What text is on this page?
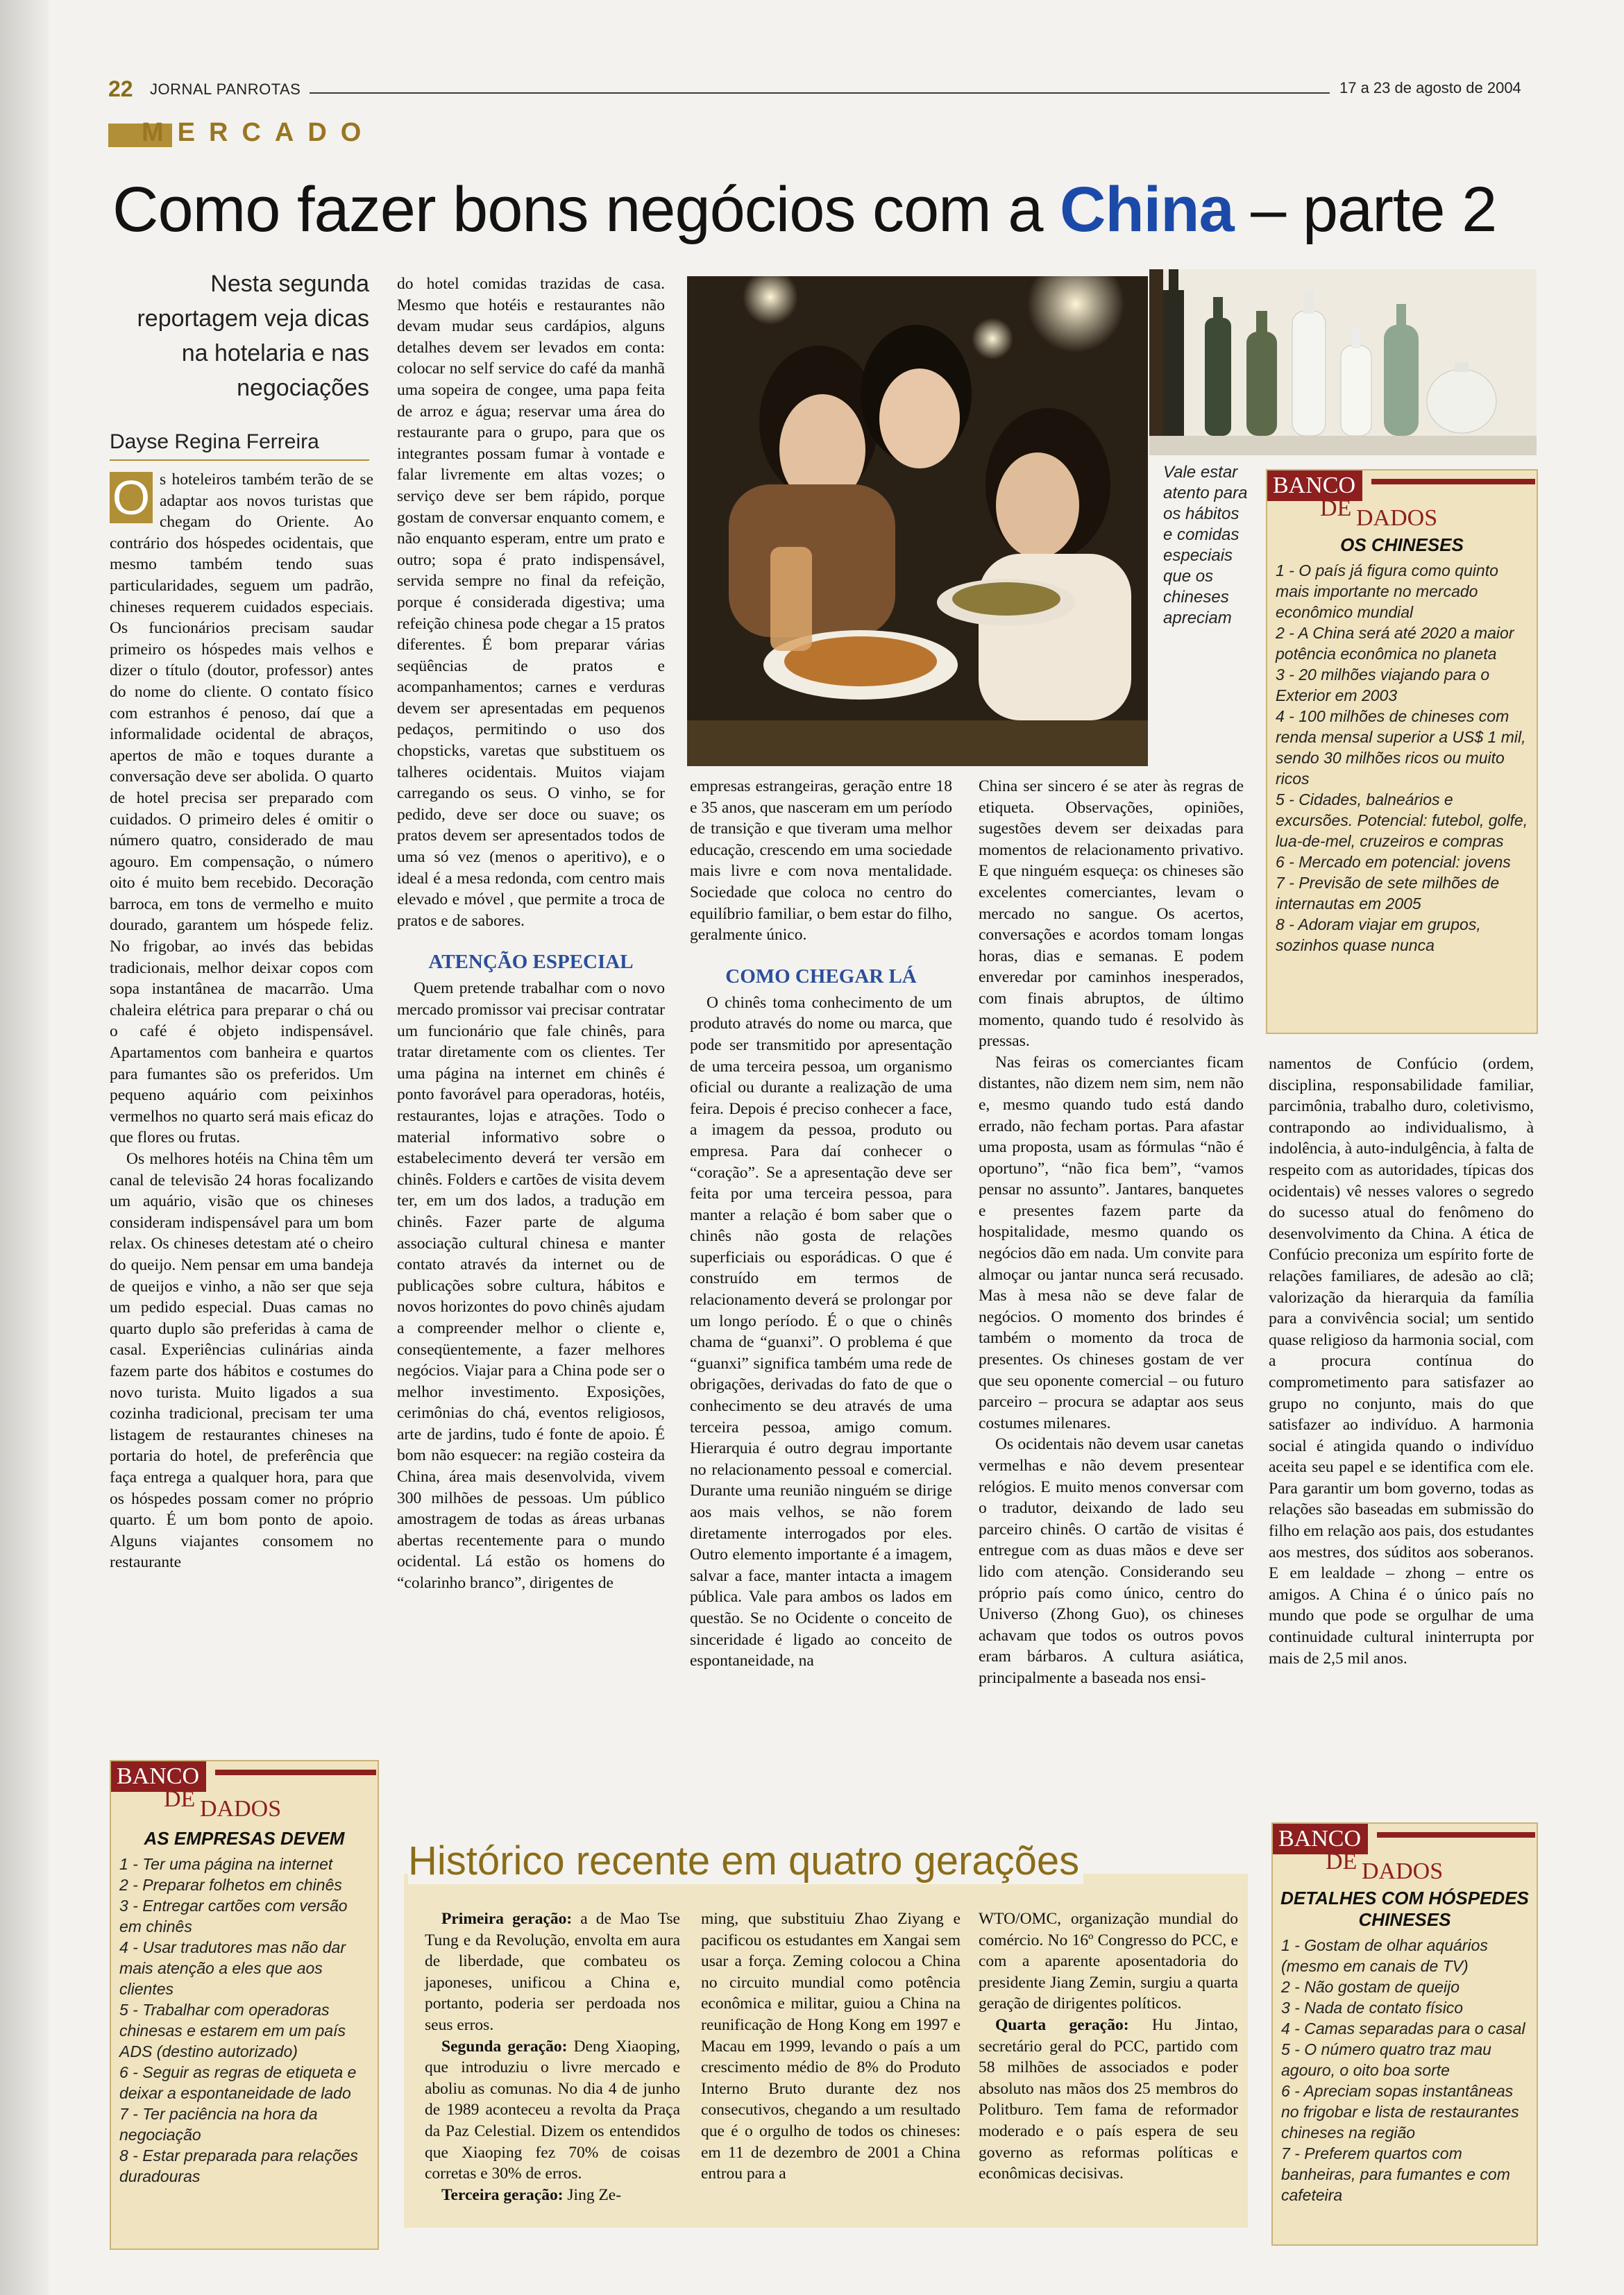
22 JORNAL PANROTAS	17 a 23 de agosto de 2004
MERCADO
Como fazer bons negócios com a China – parte 2
Nesta segunda reportagem veja dicas na hotelaria e nas negociações
Dayse Regina Ferreira
O s hoteleiros também terão de se adaptar aos novos turistas que chegam do Oriente. Ao contrário dos hóspedes ocidentais, que mesmo também tendo suas particularidades, seguem um padrão, chineses requerem cuidados especiais. Os funcionários precisam saudar primeiro os hóspedes mais velhos e dizer o título (doutor, professor) antes do nome do cliente. O contato físico com estranhos é penoso, daí que a informalidade ocidental de abraços, apertos de mão e toques durante a conversação deve ser abolida. O quarto de hotel precisa ser preparado com cuidados. O primeiro deles é omitir o número quatro, considerado de mau agouro. Em compensação, o número oito é muito bem recebido. Decoração barroca, em tons de vermelho e muito dourado, garantem um hóspede feliz. No frigobar, ao invés das bebidas tradicionais, melhor deixar copos com sopa instantânea de macarrão. Uma chaleira elétrica para preparar o chá ou o café é objeto indispensável. Apartamentos com banheira e quartos para fumantes são os preferidos. Um pequeno aquário com peixinhos vermelhos no quarto será mais eficaz do que flores ou frutas.

Os melhores hotéis na China têm um canal de televisão 24 horas focalizando um aquário, visão que os chineses consideram indispensável para um bom relax. Os chineses detestam até o cheiro do queijo. Nem pensar em uma bandeja de queijos e vinho, a não ser que seja um pedido especial. Duas camas no quarto duplo são preferidas à cama de casal. Experiências culinárias ainda fazem parte dos hábitos e costumes do novo turista. Muito ligados a sua cozinha tradicional, precisam ter uma listagem de restaurantes chineses na portaria do hotel, de preferência que faça entrega a qualquer hora, para que os hóspedes possam comer no próprio quarto. É um bom ponto de apoio. Alguns viajantes consomem no restaurante

do hotel comidas trazidas de casa. Mesmo que hotéis e restaurantes não devam mudar seus cardápios, alguns detalhes devem ser levados em conta: colocar no self service do café da manhã uma sopeira de congee, uma papa feita de arroz e água; reservar uma área do restaurante para o grupo, para que os integrantes possam fumar à vontade e falar livremente em altas vozes; o serviço deve ser bem rápido, porque gostam de conversar enquanto comem, e não enquanto esperam, entre um prato e outro; sopa é prato indispensável, servida sempre no final da refeição, porque é considerada digestiva; uma refeição chinesa pode chegar a 15 pratos diferentes. É bom preparar várias seqüências de pratos e acompanhamentos; carnes e verduras devem ser apresentadas em pequenos pedaços, permitindo o uso dos chopsticks, varetas que substituem os talheres ocidentais. Muitos viajam carregando os seus. O vinho, se for pedido, deve ser doce ou suave; os pratos devem ser apresentados todos de uma só vez (menos o aperitivo), e o ideal é a mesa redonda, com centro mais elevado e móvel , que permite a troca de pratos e de sabores.

ATENÇÃO ESPECIAL

Quem pretende trabalhar com o novo mercado promissor vai precisar contratar um funcionário que fale chinês, para tratar diretamente com os clientes. Ter uma página na internet em chinês é ponto favorável para operadoras, hotéis, restaurantes, lojas e atrações. Todo o material informativo sobre o estabelecimento deverá ter versão em chinês. Folders e cartões de visita devem ter, em um dos lados, a tradução em chinês. Fazer parte de alguma associação cultural chinesa e manter contato através da internet ou de publicações sobre cultura, hábitos e novos horizontes do povo chinês ajudam a compreender melhor o cliente e, conseqüentemente, a fazer melhores negócios. Viajar para a China pode ser o melhor investimento. Exposições, cerimônias do chá, eventos religiosos, arte de jardins, tudo é fonte de apoio. É bom não esquecer: na região costeira da China, área mais desenvolvida, vivem 300 milhões de pessoas. Um público amostragem de todas as áreas urbanas abertas recentemente para o mundo ocidental. Lá estão os homens do “colarinho branco”, dirigentes de

Vale estar atento para os hábitos e comidas especiais que os chineses apreciam

empresas estrangeiras, geração entre 18 e 35 anos, que nasceram em um período de transição e que tiveram uma melhor educação, crescendo em uma sociedade mais livre e com nova mentalidade. Sociedade que coloca no centro do equilíbrio familiar, o bem estar do filho, geralmente único.

COMO CHEGAR LÁ

O chinês toma conhecimento de um produto através do nome ou marca, que pode ser transmitido por apresentação de uma terceira pessoa, um organismo oficial ou durante a realização de uma feira. Depois é preciso conhecer a face, a imagem da pessoa, produto ou empresa. Para daí conhecer o “coração”. Se a apresentação deve ser feita por uma terceira pessoa, para manter a relação é bom saber que o chinês não gosta de relações superficiais ou esporádicas. O que é construído em termos de relacionamento deverá se prolongar por um longo período. É o que o chinês chama de “guanxi”. O problema é que “guanxi” significa também uma rede de obrigações, derivadas do fato de que o conhecimento se deu através de uma terceira pessoa, amigo comum. Hierarquia é outro degrau importante no relacionamento pessoal e comercial. Durante uma reunião ninguém se dirige aos mais velhos, se não forem diretamente interrogados por eles. Outro elemento importante é a imagem, salvar a face, manter intacta a imagem pública. Vale para ambos os lados em questão. Se no Ocidente o conceito de sinceridade é ligado ao conceito de espontaneidade, na

China ser sincero é se ater às regras de etiqueta. Observações, opiniões, sugestões devem ser deixadas para momentos de relacionamento privativo. E que ninguém esqueça: os chineses são excelentes comerciantes, levam o mercado no sangue. Os acertos, conversações e acordos tomam longas horas, dias e semanas. E podem enveredar por caminhos inesperados, com finais abruptos, de último momento, quando tudo é resolvido às pressas.

Nas feiras os comerciantes ficam distantes, não dizem nem sim, nem não e, mesmo quando tudo está dando errado, não fecham portas. Para afastar uma proposta, usam as fórmulas “não é oportuno”, “não fica bem”, “vamos pensar no assunto”. Jantares, banquetes e presentes fazem parte da hospitalidade, mesmo quando os negócios dão em nada. Um convite para almoçar ou jantar nunca será recusado. Mas à mesa não se deve falar de negócios. O momento dos brindes é também o momento da troca de presentes. Os chineses gostam de ver que seu oponente comercial – ou futuro parceiro – procura se adaptar aos seus costumes milenares.

Os ocidentais não devem usar canetas vermelhas e não devem presentear relógios. E muito menos conversar com o tradutor, deixando de lado seu parceiro chinês. O cartão de visitas é entregue com as duas mãos e deve ser lido com atenção. Considerando seu próprio país como único, centro do Universo (Zhong Guo), os chineses achavam que todos os outros povos eram bárbaros. A cultura asiática, principalmente a baseada nos ensi-

namentos de Confúcio (ordem, disciplina, responsabilidade familiar, parcimônia, trabalho duro, coletivismo, contrapondo ao individualismo, à indolência, à auto-indulgência, à falta de respeito com as autoridades, típicas dos ocidentais) vê nesses valores o segredo do sucesso atual do fenômeno do desenvolvimento da China. A ética de Confúcio preconiza um espírito forte de relações familiares, de adesão ao clã; valorização da hierarquia da família para a convivência social; um sentido quase religioso da harmonia social, com a procura contínua do comprometimento para satisfazer ao grupo no conjunto, mais do que satisfazer ao indivíduo. A harmonia social é atingida quando o indivíduo aceita seu papel e se identifica com ele. Para garantir um bom governo, todas as relações são baseadas em submissão do filho em relação aos pais, dos estudantes aos mestres, dos súditos aos soberanos. E em lealdade – zhong – entre os amigos. A China é o único país no mundo que pode se orgulhar de uma continuidade cultural ininterrupta por mais de 2,5 mil anos.

BANCO
DE DADOS
OS CHINESES
1 - O país já figura como quinto mais importante no mercado econômico mundial
2 - A China será até 2020 a maior potência econômica no planeta
3 - 20 milhões viajando para o Exterior em 2003
4 - 100 milhões de chineses com renda mensal superior a US$ 1 mil, sendo 30 milhões ricos ou muito ricos
5 - Cidades, balneários e excursões. Potencial: futebol, golfe, lua-de-mel, cruzeiros e compras
6 - Mercado em potencial: jovens
7 - Previsão de sete milhões de internautas em 2005
8 - Adoram viajar em grupos, sozinhos quase nunca
BANCO
DE DADOS
AS EMPRESAS DEVEM
1 - Ter uma página na internet
2 - Preparar folhetos em chinês
3 - Entregar cartões com versão em chinês
4 - Usar tradutores mas não dar mais atenção a eles que aos clientes
5 - Trabalhar com operadoras chinesas e estarem em um país ADS (destino autorizado)
6 - Seguir as regras de etiqueta e deixar a espontaneidade de lado
7 - Ter paciência na hora da negociação
8 - Estar preparada para relações duradouras
BANCO
DE DADOS
DETALHES COM HÓSPEDES CHINESES
1 - Gostam de olhar aquários (mesmo em canais de TV)
2 - Não gostam de queijo
3 - Nada de contato físico
4 - Camas separadas para o casal
5 - O número quatro traz mau agouro, o oito boa sorte
6 - Apreciam sopas instantâneas no frigobar e lista de restaurantes chineses na região
7 - Preferem quartos com banheiras, para fumantes e com cafeteira
Histórico recente em quatro gerações

Primeira geração: a de Mao Tse Tung e da Revolução, envolta em aura de liberdade, que combateu os japoneses, unificou a China e, portanto, poderia ser perdoada nos seus erros.

Segunda geração: Deng Xiaoping, que introduziu o livre mercado e aboliu as comunas. No dia 4 de junho de 1989 aconteceu a revolta da Praça da Paz Celestial. Dizem os entendidos que Xiaoping fez 70% de coisas corretas e 30% de erros.

Terceira geração: Jing Ze-

ming, que substituiu Zhao Ziyang e pacificou os estudantes em Xangai sem usar a força. Zeming colocou a China no circuito mundial como potência econômica e militar, guiou a China na reunificação de Hong Kong em 1997 e Macau em 1999, levando o país a um crescimento médio de 8% do Produto Interno Bruto durante dez nos consecutivos, chegando a um resultado que é o orgulho de todos os chineses: em 11 de dezembro de 2001 a China entrou para a

WTO/OMC, organização mundial do comércio. No 16º Congresso do PCC, e com a aparente aposentadoria do presidente Jiang Zemin, surgiu a quarta geração de dirigentes políticos.

Quarta geração: Hu Jintao, secretário geral do PCC, partido com 58 milhões de associados e poder absoluto nas mãos dos 25 membros do Politburo. Tem fama de reformador moderado e o país espera de seu governo as reformas políticas e econômicas decisivas.
